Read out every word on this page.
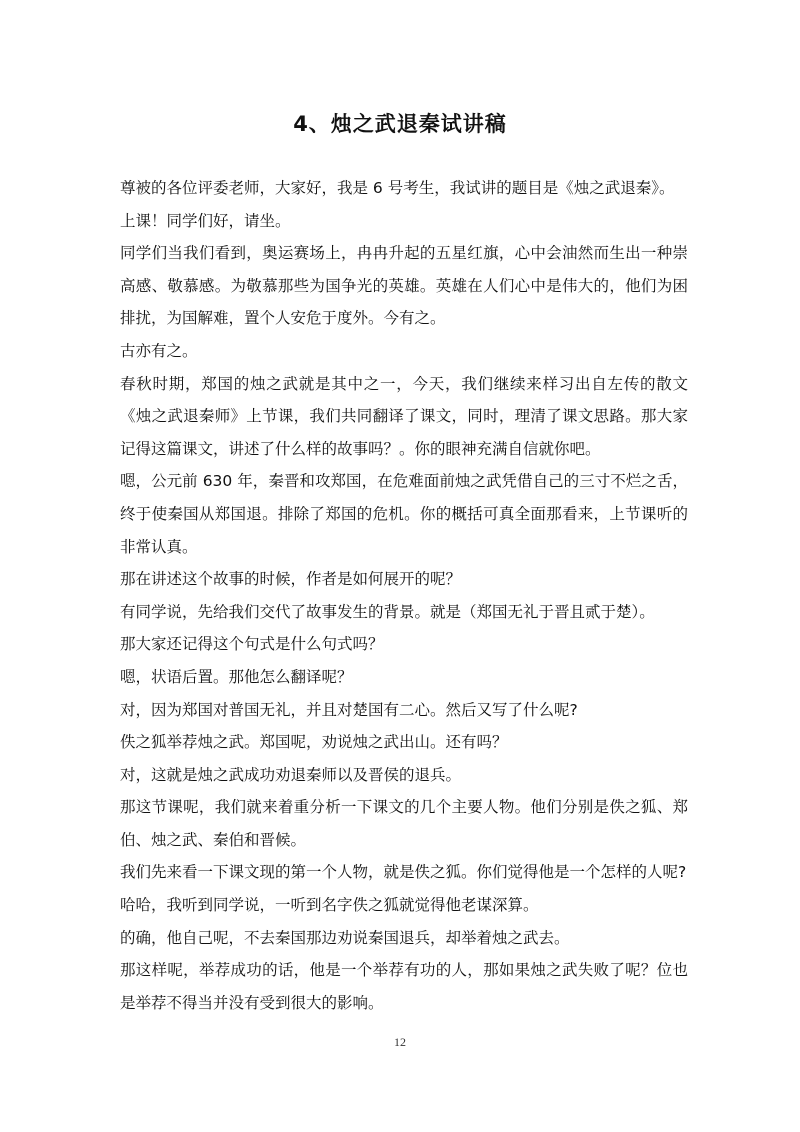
4、烛之武退秦试讲稿

尊被的各位评委老师，大家好，我是 6 号考生，我试讲的题目是《烛之武退秦》。

上课！同学们好，请坐。

同学们当我们看到，奥运赛场上，冉冉升起的五星红旗，心中会油然而生出一种崇高感、敬慕感。为敬慕那些为国争光的英雄。英雄在人们心中是伟大的，他们为困排扰，为国解难，置个人安危于度外。今有之。

古亦有之。

春秋时期，郑国的烛之武就是其中之一，今天，我们继续来样习出自左传的散文《烛之武退秦师》上节课，我们共同翻译了课文，同时，理清了课文思路。那大家记得这篇课文，讲述了什么样的故事吗？。你的眼神充满自信就你吧。

嗯，公元前 630 年，秦晋和攻郑国，在危难面前烛之武凭借自己的三寸不烂之舌，终于使秦国从郑国退。排除了郑国的危机。你的概括可真全面那看来，上节课听的非常认真。

那在讲述这个故事的时候，作者是如何展开的呢？

有同学说，先给我们交代了故事发生的背景。就是（郑国无礼于晋且贰于楚）。

那大家还记得这个句式是什么句式吗？

嗯，状语后置。那他怎么翻译呢？

对，因为郑国对普国无礼，并且对楚国有二心。然后又写了什么呢?

佚之狐举荐烛之武。郑国呢，劝说烛之武出山。还有吗？

对，这就是烛之武成功劝退秦师以及晋侯的退兵。

那这节课呢，我们就来着重分析一下课文的几个主要人物。他们分别是佚之狐、郑伯、烛之武、秦伯和晋候。

我们先来看一下课文现的第一个人物，就是佚之狐。你们觉得他是一个怎样的人呢?

哈哈，我听到同学说，一听到名字佚之狐就觉得他老谋深算。

的确，他自己呢，不去秦国那边劝说秦国退兵，却举着烛之武去。

那这样呢，举荐成功的话，他是一个举荐有功的人，那如果烛之武失败了呢？位也是举荐不得当并没有受到很大的影响。

12
